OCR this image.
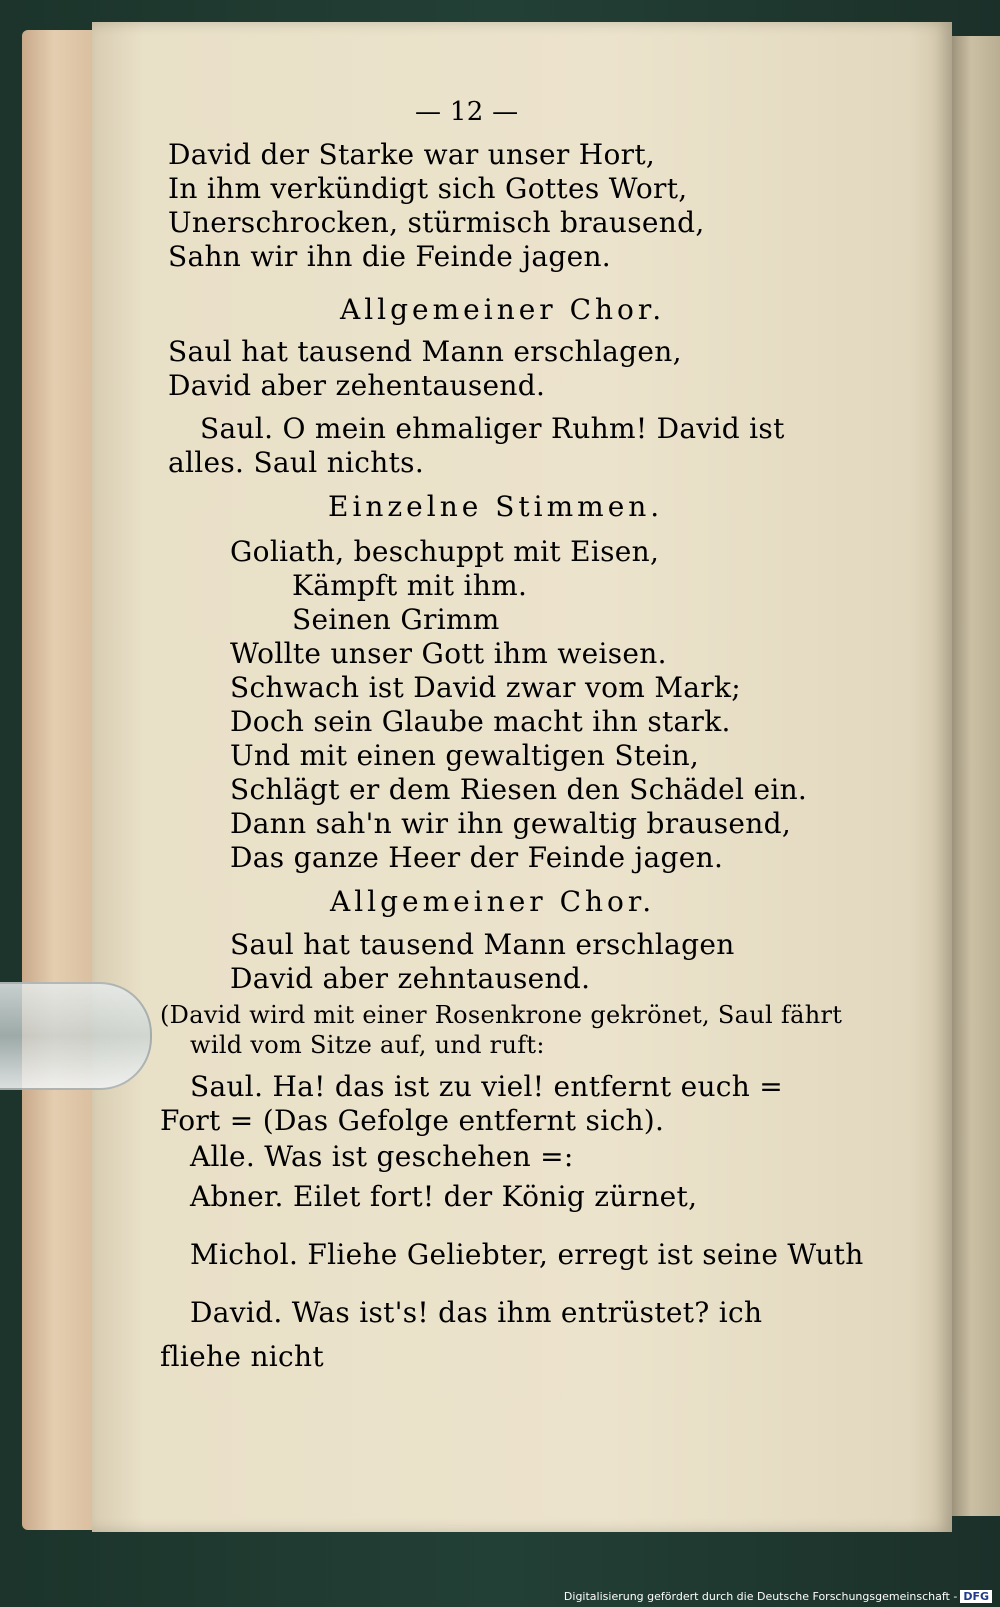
— 12 —
David der Starke war unser Hort,
In ihm verkündigt sich Gottes Wort,
Unerschrocken, stürmisch brausend,
Sahn wir ihn die Feinde jagen.
Allgemeiner Chor.
Saul hat tausend Mann erschlagen,
David aber zehentausend.
Saul. O mein ehmaliger Ruhm! David ist
alles. Saul nichts.
Einzelne Stimmen.
Goliath, beschuppt mit Eisen,
Kämpft mit ihm.
Seinen Grimm
Wollte unser Gott ihm weisen.
Schwach ist David zwar vom Mark;
Doch sein Glaube macht ihn stark.
Und mit einen gewaltigen Stein,
Schlägt er dem Riesen den Schädel ein.
Dann sah'n wir ihn gewaltig brausend,
Das ganze Heer der Feinde jagen.
Allgemeiner Chor.
Saul hat tausend Mann erschlagen
David aber zehntausend.
(David wird mit einer Rosenkrone gekrönet, Saul fährt
wild vom Sitze auf, und ruft:
Saul. Ha! das ist zu viel! entfernt euch =
Fort = (Das Gefolge entfernt sich).
Alle. Was ist geschehen =:
Abner. Eilet fort! der König zürnet,
Michol. Fliehe Geliebter, erregt ist seine Wuth
David. Was ist's! das ihm entrüstet? ich
fliehe nicht
Digitalisierung gefördert durch die Deutsche Forschungsgemeinschaft - DFG
